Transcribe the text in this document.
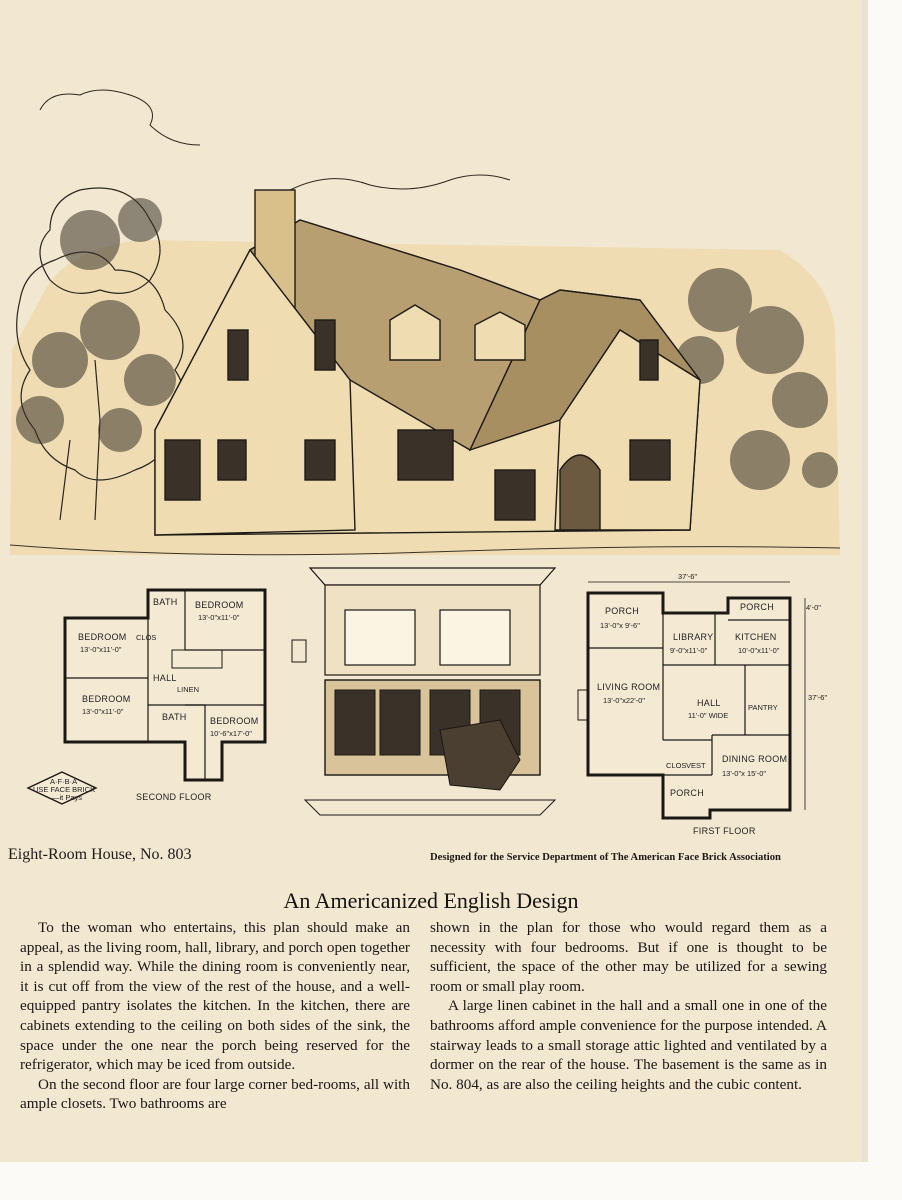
BATH BEDROOM
13'-0"x11'-0"
BEDROOM
13'-0"x11'-0"
HALL
BEDROOM
13'-0"x11'-0"
LINEN
BATH	BEDROOM
10'-6"x17'-0"
CLOS
SECOND FLOOR
A·F·B·A
USE FACE BRICK
—it Pays
37'-6"
37'-6"
4'-0"
PORCH
13'-0"x 9'-6"
LIBRARY
9'-0"x11'-0"
PORCH
KITCHEN
10'-0"x11'-0"
LIVING ROOM
13'-0"x22'-0"	HALL
11'-0" WIDE
PANTRY
DINING ROOM
13'-0"x 15'-0"
PORCH
CLOS VEST
FIRST FLOOR
Eight-Room House, No. 803	Designed for the Service Department of The American Face Brick Association
An Americanized English Design

To the woman who entertains, this plan should make an appeal, as the living room, hall, library, and porch open together in a splendid way. While the dining room is conveniently near, it is cut off from the view of the rest of the house, and a well-equipped pantry isolates the kitchen. In the kitchen, there are cabinets extending to the ceiling on both sides of the sink, the space under the one near the porch being reserved for the refrigerator, which may be iced from outside.

On the second floor are four large corner bed-rooms, all with ample closets. Two bathrooms are

shown in the plan for those who would regard them as a necessity with four bedrooms. But if one is thought to be sufficient, the space of the other may be utilized for a sewing room or small play room.

A large linen cabinet in the hall and a small one in one of the bathrooms afford ample convenience for the purpose intended. A stairway leads to a small storage attic lighted and ventilated by a dormer on the rear of the house. The basement is the same as in No. 804, as are also the ceiling heights and the cubic content.
